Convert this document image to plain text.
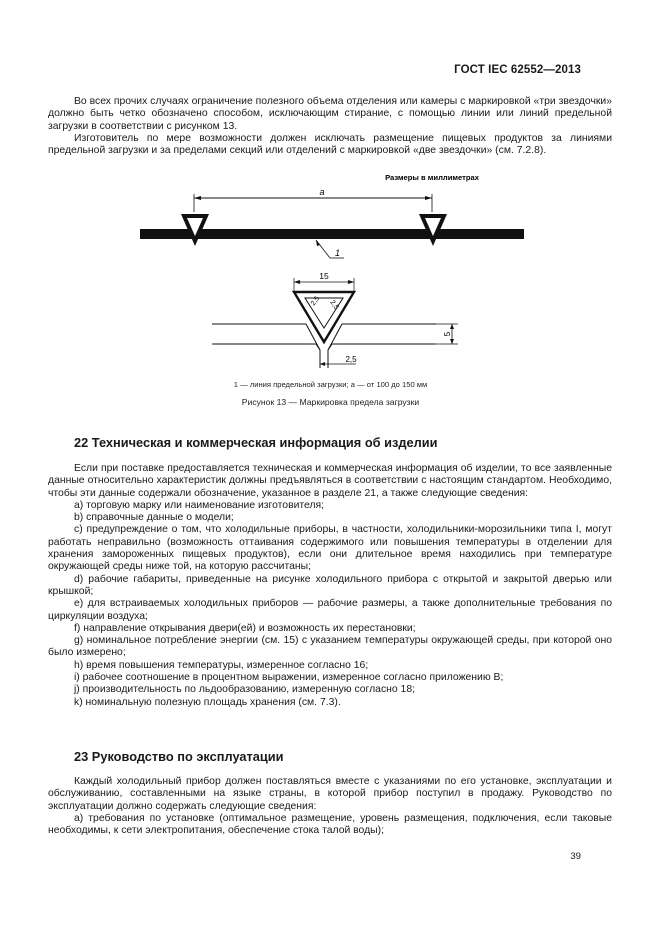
ГОСТ IEC 62552—2013

Во всех прочих случаях ограничение полезного объема отделения или камеры с маркировкой «три звездочки» должно быть четко обозначено способом, исключающим стирание, с помощью линии или линий предельной загрузки в соответствии с рисунком 13.

Изготовитель по мере возможности должен исключать размещение пищевых продуктов за линиями предельной загрузки и за пределами секций или отделений с маркировкой «две звездочки» (см. 7.2.8).

Размеры в миллиметрах
a
1
15
2,5 2,5
5
2,5
1 — линия предельной загрузки; a — от 100 до 150 мм
Рисунок 13 — Маркировка предела загрузки
22 Техническая и коммерческая информация об изделии

Если при поставке предоставляется техническая и коммерческая информация об изделии, то все заявленные данные относительно характеристик должны предъявляться в соответствии с настоящим стандартом. Необходимо, чтобы эти данные содержали обозначение, указанное в разделе 21, а также следующие сведения:

a) торговую марку или наименование изготовителя;

b) справочные данные о модели;

c) предупреждение о том, что холодильные приборы, в частности, холодильники-морозильники типа I, могут работать неправильно (возможность оттаивания содержимого или повышения температуры в отделении для хранения замороженных пищевых продуктов), если они длительное время находились при температуре окружающей среды ниже той, на которую рассчитаны;

d) рабочие габариты, приведенные на рисунке холодильного прибора с открытой и закрытой дверью или крышкой;

e) для встраиваемых холодильных приборов — рабочие размеры, а также дополнительные требования по циркуляции воздуха;

f) направление открывания двери(ей) и возможность их перестановки;

g) номинальное потребление энергии (см. 15) с указанием температуры окружающей среды, при которой оно было измерено;

h) время повышения температуры, измеренное согласно 16;

i) рабочее соотношение в процентном выражении, измеренное согласно приложению B;

j) производительность по льдообразованию, измеренную согласно 18;

k) номинальную полезную площадь хранения (см. 7.3).

23 Руководство по эксплуатации

Каждый холодильный прибор должен поставляться вместе с указаниями по его установке, эксплуатации и обслуживанию, составленными на языке страны, в которой прибор поступил в продажу. Руководство по эксплуатации должно содержать следующие сведения:

a) требования по установке (оптимальное размещение, уровень размещения, подключения, если таковые необходимы, к сети электропитания, обеспечение стока талой воды);

39
